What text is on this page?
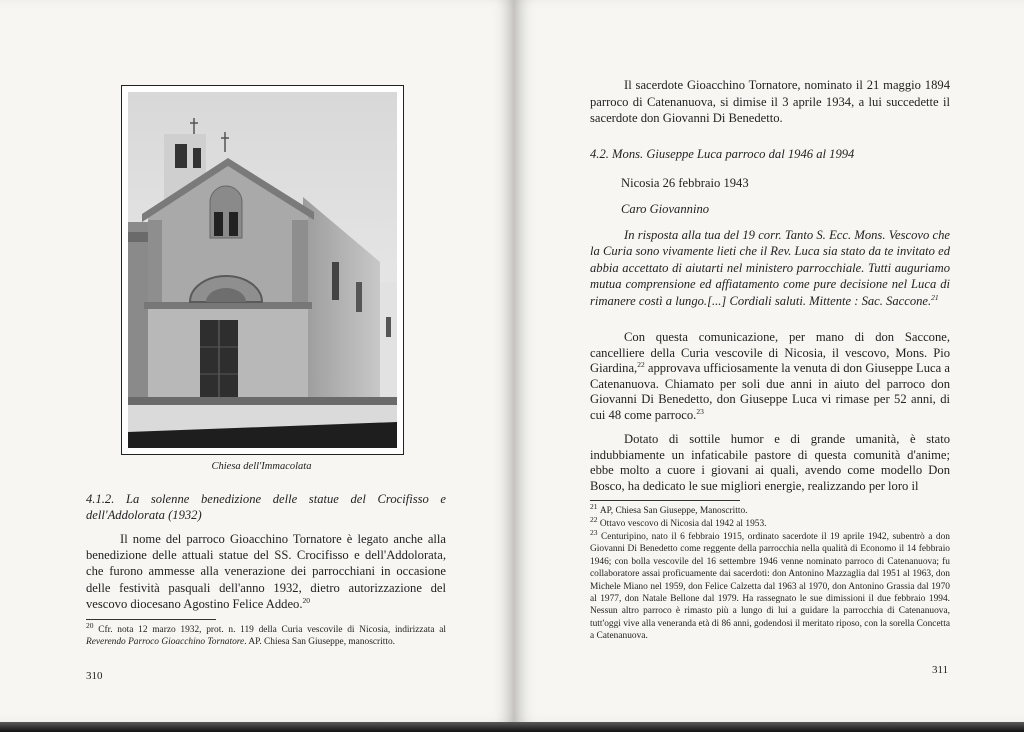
Chiesa dell'Immacolata
4.1.2. La solenne benedizione delle statue del Crocifisso e dell'Addolorata (1932)
Il nome del parroco Gioacchino Tornatore è legato anche alla benedizione delle attuali statue del SS. Crocifisso e dell'Addolorata, che furono ammesse alla venerazione dei parrocchiani in occasione delle festività pasquali dell'anno 1932, dietro autorizzazione del vescovo diocesano Agostino Felice Addeo.$^{20}$
$^{20}$ Cfr. nota 12 marzo 1932, prot. n. 119 della Curia vescovile di Nicosia, indirizzata al Reverendo Parroco Gioacchino Tornatore. AP. Chiesa San Giuseppe, manoscritto.
310
Il sacerdote Gioacchino Tornatore, nominato il 21 maggio 1894 parroco di Catenanuova, si dimise il 3 aprile 1934, a lui succedette il sacerdote don Giovanni Di Benedetto.
4.2. Mons. Giuseppe Luca parroco dal 1946 al 1994
Nicosia 26 febbraio 1943
Caro Giovannino
In risposta alla tua del 19 corr. Tanto S. Ecc. Mons. Vescovo che la Curia sono vivamente lieti che il Rev. Luca sia stato da te invitato ed abbia accettato di aiutarti nel ministero parrocchiale. Tutti auguriamo mutua comprensione ed affiatamento come pure decisione nel Luca di rimanere costì a lungo.[...] Cordiali saluti. Mittente : Sac. Saccone.$^{21}$
Con questa comunicazione, per mano di don Saccone, cancelliere della Curia vescovile di Nicosia, il vescovo, Mons. Pio Giardina,$^{22}$ approvava ufficiosamente la venuta di don Giuseppe Luca a Catenanuova. Chiamato per soli due anni in aiuto del parroco don Giovanni Di Benedetto, don Giuseppe Luca vi rimase per 52 anni, di cui 48 come parroco.$^{23}$
Dotato di sottile humor e di grande umanità, è stato indubbiamente un infaticabile pastore di questa comunità d'anime; ebbe molto a cuore i giovani ai quali, avendo come modello Don Bosco, ha dedicato le sue migliori energie, realizzando per loro il
$^{21}$ AP, Chiesa San Giuseppe, Manoscritto.
$^{22}$ Ottavo vescovo di Nicosia dal 1942 al 1953.
$^{23}$ Centuripino, nato il 6 febbraio 1915, ordinato sacerdote il 19 aprile 1942, subentrò a don Giovanni Di Benedetto come reggente della parrocchia nella qualità di Economo il 14 febbraio 1946; con bolla vescovile del 16 settembre 1946 venne nominato parroco di Catenanuova; fu collaboratore assai proficuamente dai sacerdoti: don Antonino Mazzaglia dal 1951 al 1963, don Michele Miano nel 1959, don Felice Calzetta dal 1963 al 1970, don Antonino Grassia dal 1970 al 1977, don Natale Bellone dal 1979. Ha rassegnato le sue dimissioni il due febbraio 1994. Nessun altro parroco è rimasto più a lungo di lui a guidare la parrocchia di Catenanuova, tutt'oggi vive alla veneranda età di 86 anni, godendosi il meritato riposo, con la sorella Concetta a Catenanuova.
311
